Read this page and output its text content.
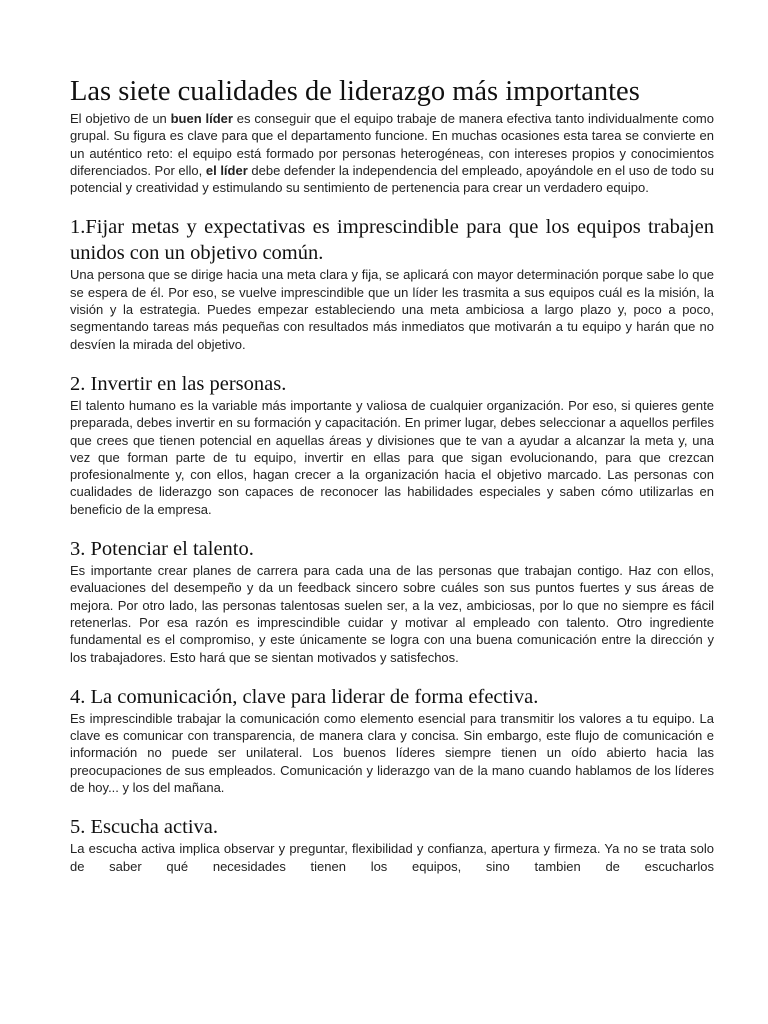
Las siete cualidades de liderazgo más importantes

El objetivo de un buen líder es conseguir que el equipo trabaje de manera efectiva tanto individualmente como grupal. Su figura es clave para que el departamento funcione. En muchas ocasiones esta tarea se convierte en un auténtico reto: el equipo está formado por personas heterogéneas, con intereses propios y conocimientos diferenciados. Por ello, el líder debe defender la independencia del empleado, apoyándole en el uso de todo su potencial y creatividad y estimulando su sentimiento de pertenencia para crear un verdadero equipo.

1.Fijar metas y expectativas es imprescindible para que los equipos trabajen unidos con un objetivo común.

Una persona que se dirige hacia una meta clara y fija, se aplicará con mayor determinación porque sabe lo que se espera de él. Por eso, se vuelve imprescindible que un líder les trasmita a sus equipos cuál es la misión, la visión y la estrategia. Puedes empezar estableciendo una meta ambiciosa a largo plazo y, poco a poco, segmentando tareas más pequeñas con resultados más inmediatos que motivarán a tu equipo y harán que no desvíen la mirada del objetivo.

2. Invertir en las personas.

El talento humano es la variable más importante y valiosa de cualquier organización. Por eso, si quieres gente preparada, debes invertir en su formación y capacitación. En primer lugar, debes seleccionar a aquellos perfiles que crees que tienen potencial en aquellas áreas y divisiones que te van a ayudar a alcanzar la meta y, una vez que forman parte de tu equipo, invertir en ellas para que sigan evolucionando, para que crezcan profesionalmente y, con ellos, hagan crecer a la organización hacia el objetivo marcado. Las personas con cualidades de liderazgo son capaces de reconocer las habilidades especiales y saben cómo utilizarlas en beneficio de la empresa.

3. Potenciar el talento.

Es importante crear planes de carrera para cada una de las personas que trabajan contigo. Haz con ellos, evaluaciones del desempeño y da un feedback sincero sobre cuáles son sus puntos fuertes y sus áreas de mejora. Por otro lado, las personas talentosas suelen ser, a la vez, ambiciosas, por lo que no siempre es fácil retenerlas. Por esa razón es imprescindible cuidar y motivar al empleado con talento. Otro ingrediente fundamental es el compromiso, y este únicamente se logra con una buena comunicación entre la dirección y los trabajadores. Esto hará que se sientan motivados y satisfechos.

4. La comunicación, clave para liderar de forma efectiva.

Es imprescindible trabajar la comunicación como elemento esencial para transmitir los valores a tu equipo. La clave es comunicar con transparencia, de manera clara y concisa. Sin embargo, este flujo de comunicación e información no puede ser unilateral. Los buenos líderes siempre tienen un oído abierto hacia las preocupaciones de sus empleados. Comunicación y liderazgo van de la mano cuando hablamos de los líderes de hoy... y los del mañana.

5. Escucha activa.

La escucha activa implica observar y preguntar, flexibilidad y confianza, apertura y firmeza. Ya no se trata solo de saber qué necesidades tienen los equipos, sino tambien de escucharlos
